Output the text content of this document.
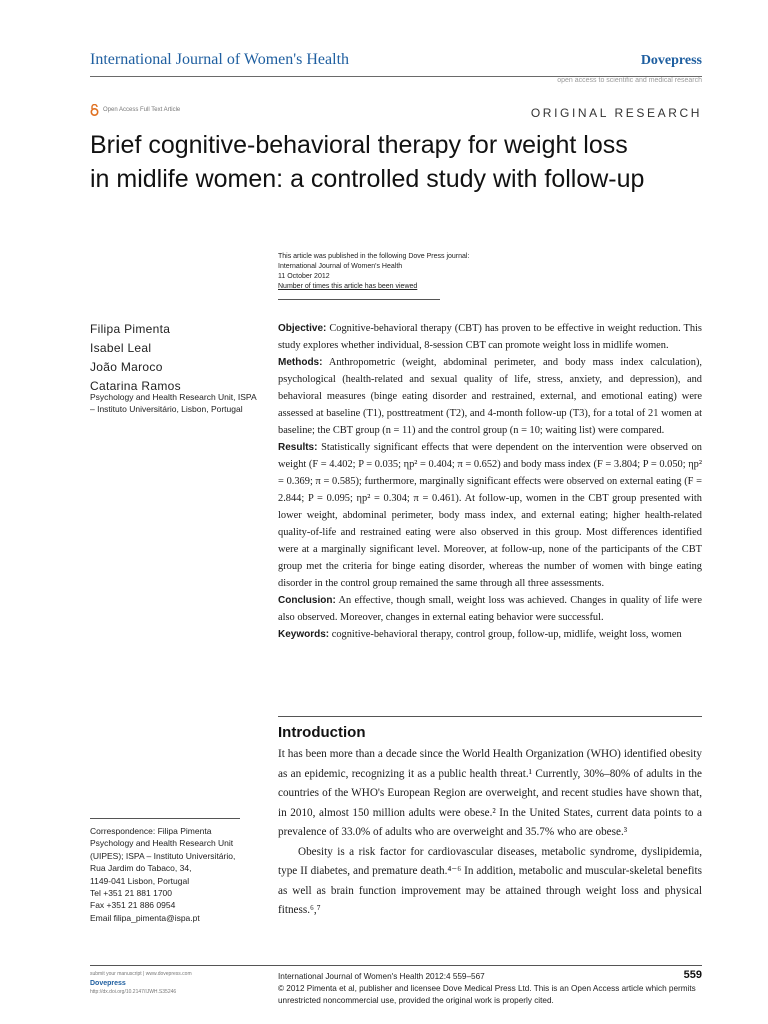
International Journal of Women's Health	Dovepress
open access to scientific and medical research
Open Access Full Text Article	ORIGINAL RESEARCH
Brief cognitive-behavioral therapy for weight loss in midlife women: a controlled study with follow-up
This article was published in the following Dove Press journal:
International Journal of Women's Health
11 October 2012
Number of times this article has been viewed
Filipa Pimenta
Isabel Leal
João Maroco
Catarina Ramos
Psychology and Health Research Unit, ISPA – Instituto Universitário, Lisbon, Portugal

Objective: Cognitive-behavioral therapy (CBT) has proven to be effective in weight reduction. This study explores whether individual, 8-session CBT can promote weight loss in midlife women.

Methods: Anthropometric (weight, abdominal perimeter, and body mass index calculation), psychological (health-related and sexual quality of life, stress, anxiety, and depression), and behavioral measures (binge eating disorder and restrained, external, and emotional eating) were assessed at baseline (T1), posttreatment (T2), and 4-month follow-up (T3), for a total of 21 women at baseline; the CBT group (n = 11) and the control group (n = 10; waiting list) were compared.

Results: Statistically significant effects that were dependent on the intervention were observed on weight (F = 4.402; P = 0.035; ηp² = 0.404; π = 0.652) and body mass index (F = 3.804; P = 0.050; ηp² = 0.369; π = 0.585); furthermore, marginally significant effects were observed on external eating (F = 2.844; P = 0.095; ηp² = 0.304; π = 0.461). At follow-up, women in the CBT group presented with lower weight, abdominal perimeter, body mass index, and external eating; higher health-related quality-of-life and restrained eating were also observed in this group. Most differences identified were at a marginally significant level. Moreover, at follow-up, none of the participants of the CBT group met the criteria for binge eating disorder, whereas the number of women with binge eating disorder in the control group remained the same through all three assessments.

Conclusion: An effective, though small, weight loss was achieved. Changes in quality of life were also observed. Moreover, changes in external eating behavior were successful.

Keywords: cognitive-behavioral therapy, control group, follow-up, midlife, weight loss, women

Introduction

It has been more than a decade since the World Health Organization (WHO) identified obesity as an epidemic, recognizing it as a public health threat.¹ Currently, 30%–80% of adults in the countries of the WHO's European Region are overweight, and recent studies have shown that, in 2010, almost 150 million adults were obese.² In the United States, current data points to a prevalence of 33.0% of adults who are overweight and 35.7% who are obese.³

Obesity is a risk factor for cardiovascular diseases, metabolic syndrome, dyslipidemia, type II diabetes, and premature death.⁴⁻⁶ In addition, metabolic and muscular-skeletal benefits as well as brain function improvement may be attained through weight loss and physical fitness.⁶,⁷

Correspondence: Filipa Pimenta
Psychology and Health Research Unit
(UIPES); ISPA – Instituto Universitário,
Rua Jardim do Tabaco, 34,
1149-041 Lisbon, Portugal
Tel +351 21 881 1700
Fax +351 21 886 0954
Email filipa_pimenta@ispa.pt
submit your manuscript | www.dovepress.com
Dovepress
http://dx.doi.org/10.2147/IJWH.S35246
International Journal of Women's Health 2012:4 559–567
© 2012 Pimenta et al, publisher and licensee Dove Medical Press Ltd. This is an Open Access article which permits unrestricted noncommercial use, provided the original work is properly cited.
559
